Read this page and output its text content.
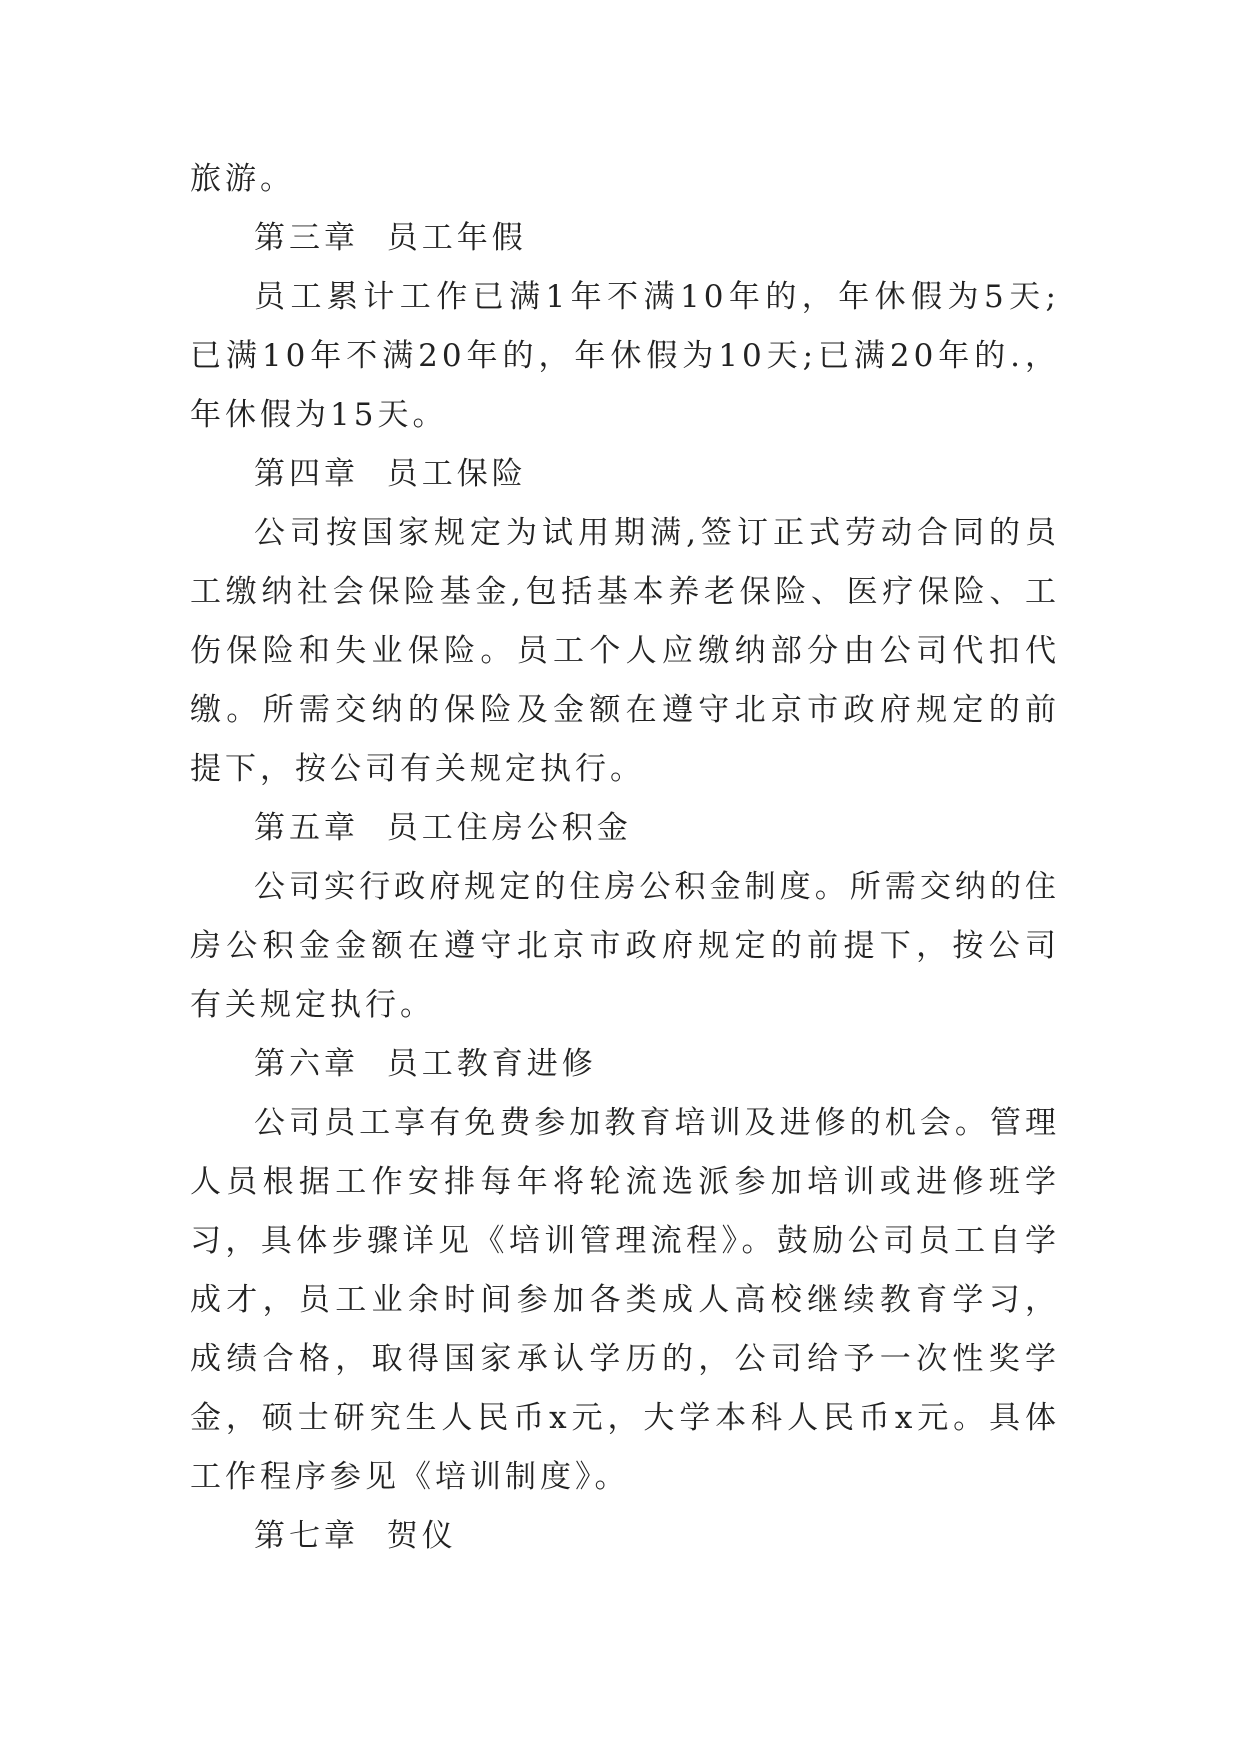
旅游。

第三章  员工年假

员工累计工作已满1年不满10年的，年休假为5天;已满10年不满20年的，年休假为10天;已满20年的.，年休假为15天。

第四章  员工保险

公司按国家规定为试用期满,签订正式劳动合同的员工缴纳社会保险基金,包括基本养老保险、医疗保险、工伤保险和失业保险。员工个人应缴纳部分由公司代扣代缴。所需交纳的保险及金额在遵守北京市政府规定的前提下，按公司有关规定执行。

第五章  员工住房公积金

公司实行政府规定的住房公积金制度。所需交纳的住房公积金金额在遵守北京市政府规定的前提下，按公司有关规定执行。

第六章  员工教育进修

公司员工享有免费参加教育培训及进修的机会。管理人员根据工作安排每年将轮流选派参加培训或进修班学习，具体步骤详见《培训管理流程》。鼓励公司员工自学成才，员工业余时间参加各类成人高校继续教育学习，成绩合格，取得国家承认学历的，公司给予一次性奖学金，硕士研究生人民币x元，大学本科人民币x元。具体工作程序参见《培训制度》。

第七章  贺仪
